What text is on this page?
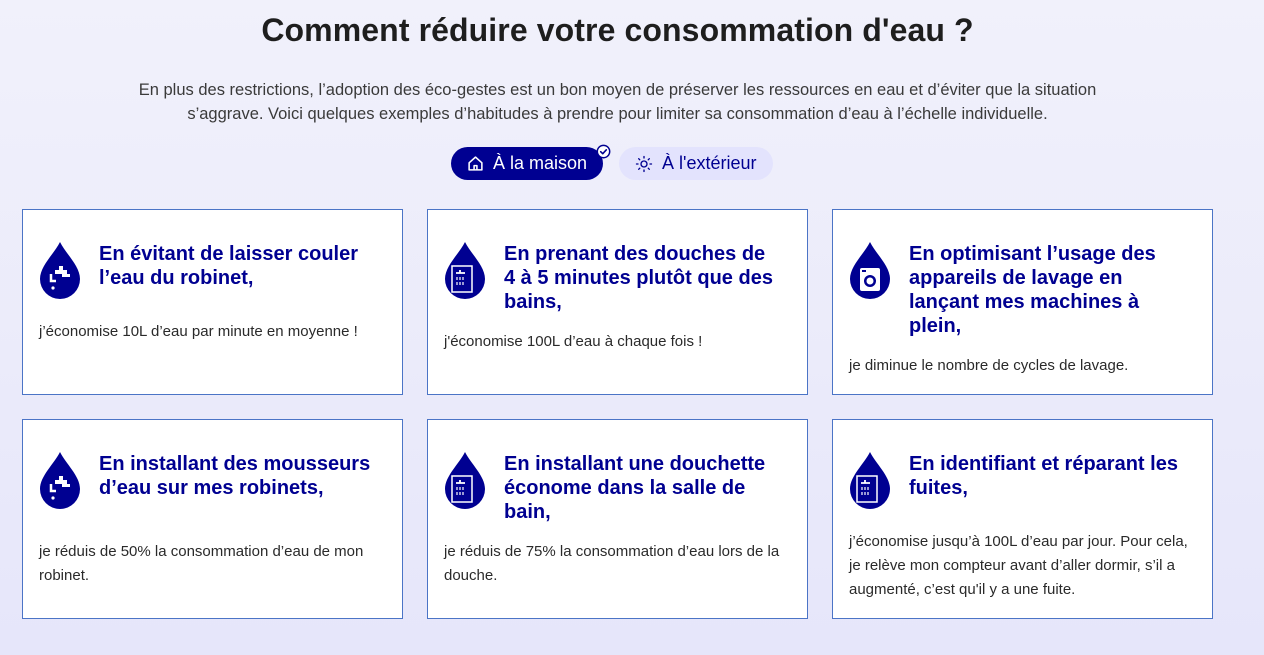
Comment réduire votre consommation d'eau ?

En plus des restrictions, l’adoption des éco-gestes est un bon moyen de préserver les ressources en eau et d’éviter que la situation s’aggrave. Voici quelques exemples d’habitudes à prendre pour limiter sa consommation d’eau à l’échelle individuelle.

À la maison	À l'extérieur
En évitant de laisser couler l’eau du robinet,
j’économise 10L d’eau par minute en moyenne !
En prenant des douches de 4 à 5 minutes plutôt que des bains,
j'économise 100L d’eau à chaque fois !
En optimisant l’usage des appareils de lavage en lançant mes machines à plein,
je diminue le nombre de cycles de lavage.
En installant des mousseurs d’eau sur mes robinets,
je réduis de 50% la consommation d’eau de mon robinet.
En installant une douchette économe dans la salle de bain,
je réduis de 75% la consommation d’eau lors de la douche.
En identifiant et réparant les fuites,
j’économise jusqu’à 100L d’eau par jour. Pour cela, je relève mon compteur avant d’aller dormir, s’il a augmenté, c’est qu'il y a une fuite.
